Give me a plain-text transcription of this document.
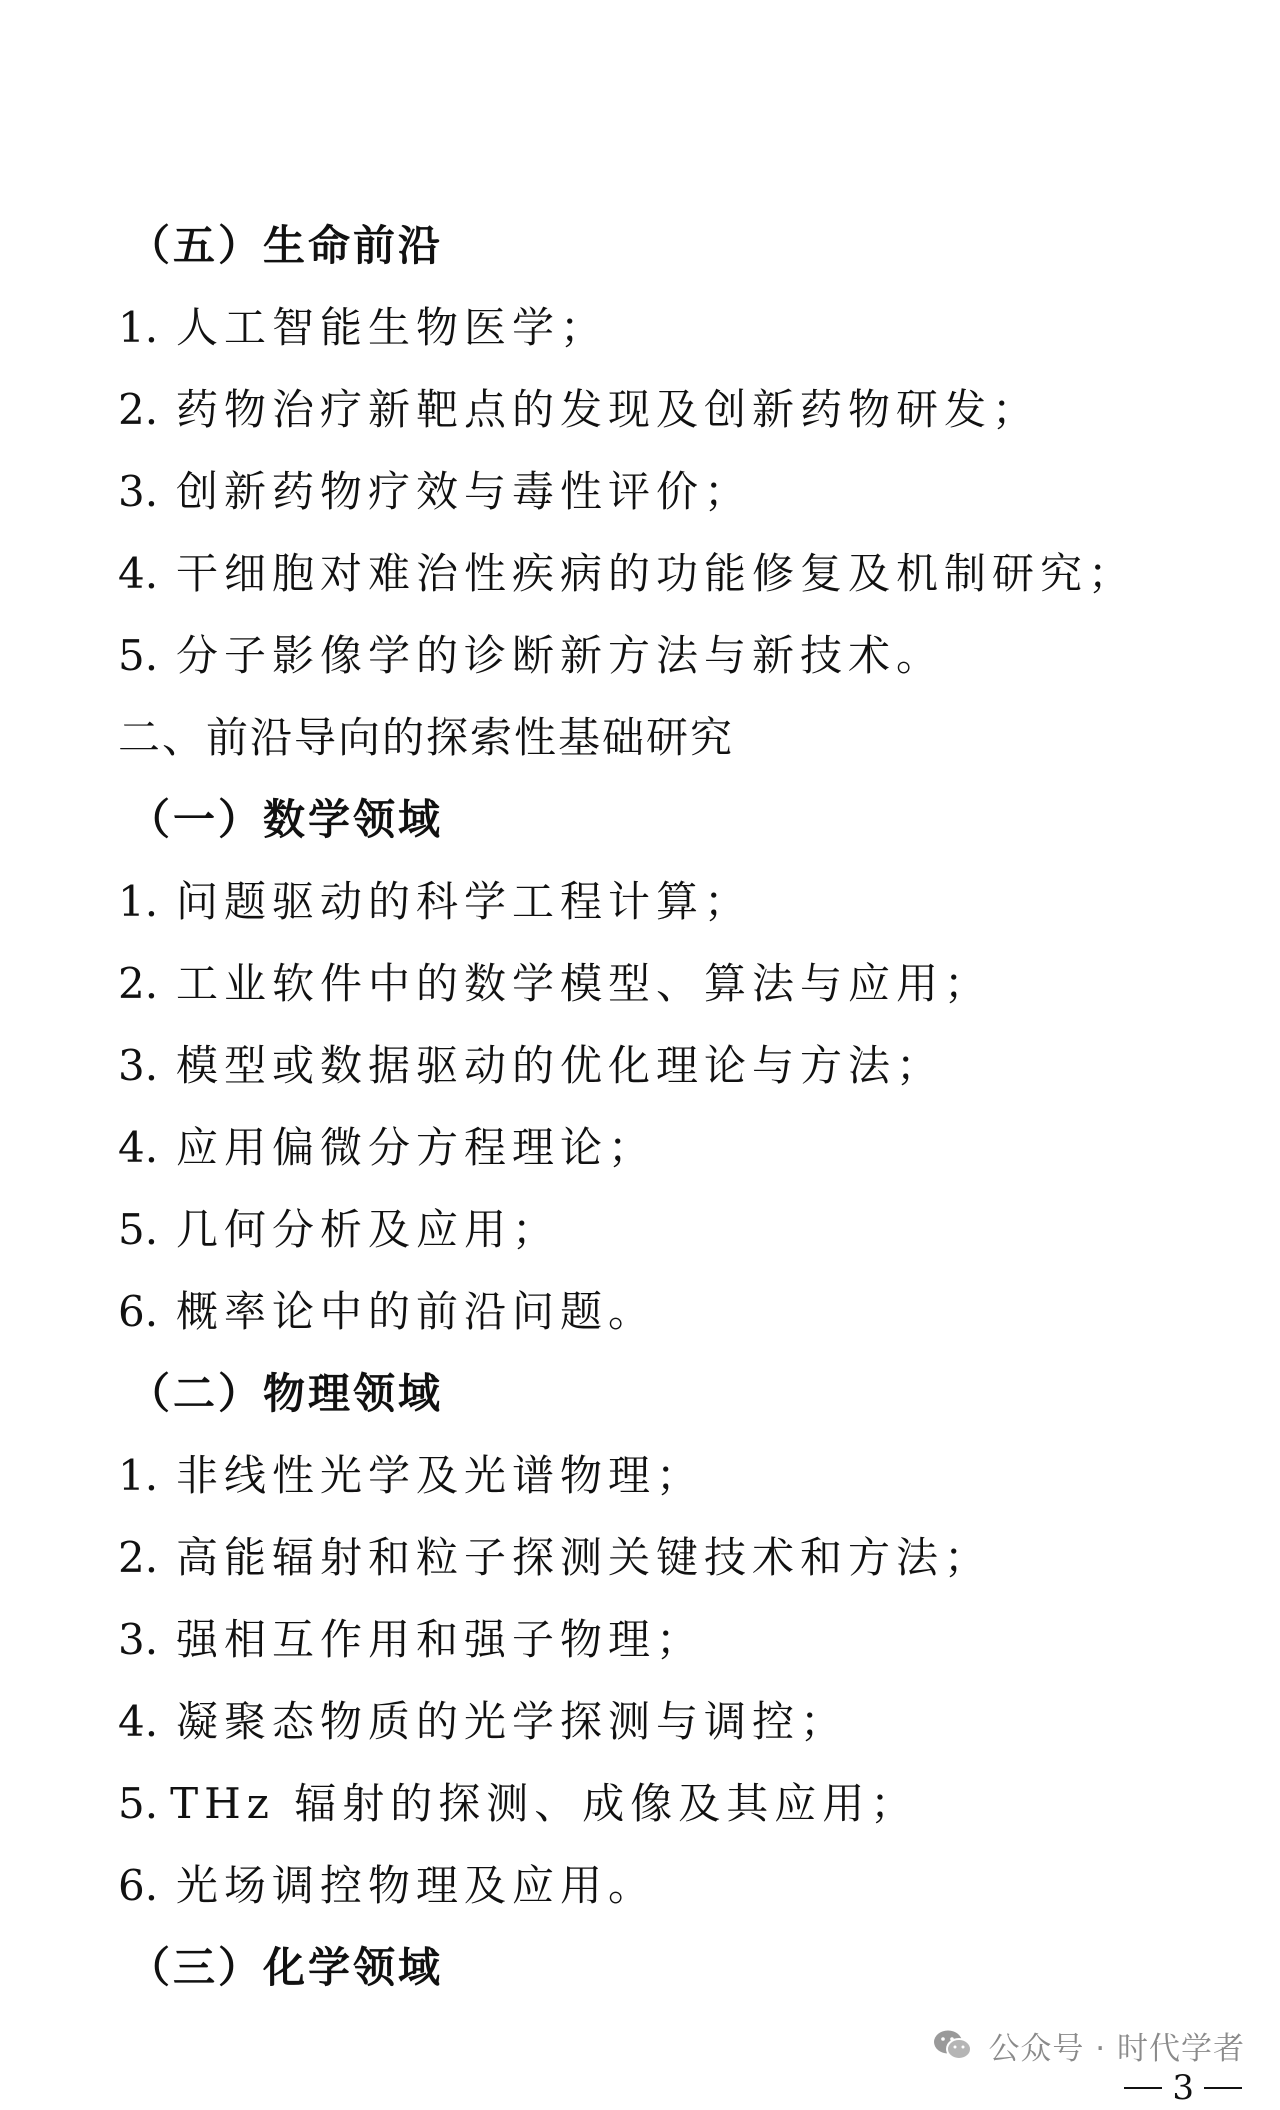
（五）生命前沿
1. 人工智能生物医学；
2. 药物治疗新靶点的发现及创新药物研发；
3. 创新药物疗效与毒性评价；
4. 干细胞对难治性疾病的功能修复及机制研究；
5. 分子影像学的诊断新方法与新技术。
二、前沿导向的探索性基础研究
（一）数学领域
1. 问题驱动的科学工程计算；
2. 工业软件中的数学模型、算法与应用；
3. 模型或数据驱动的优化理论与方法；
4. 应用偏微分方程理论；
5. 几何分析及应用；
6. 概率论中的前沿问题。
（二）物理领域
1. 非线性光学及光谱物理；
2. 高能辐射和粒子探测关键技术和方法；
3. 强相互作用和强子物理；
4. 凝聚态物质的光学探测与调控；
5. THz 辐射的探测、成像及其应用；
6. 光场调控物理及应用。
（三）化学领域
公众号 · 时代学者
3
